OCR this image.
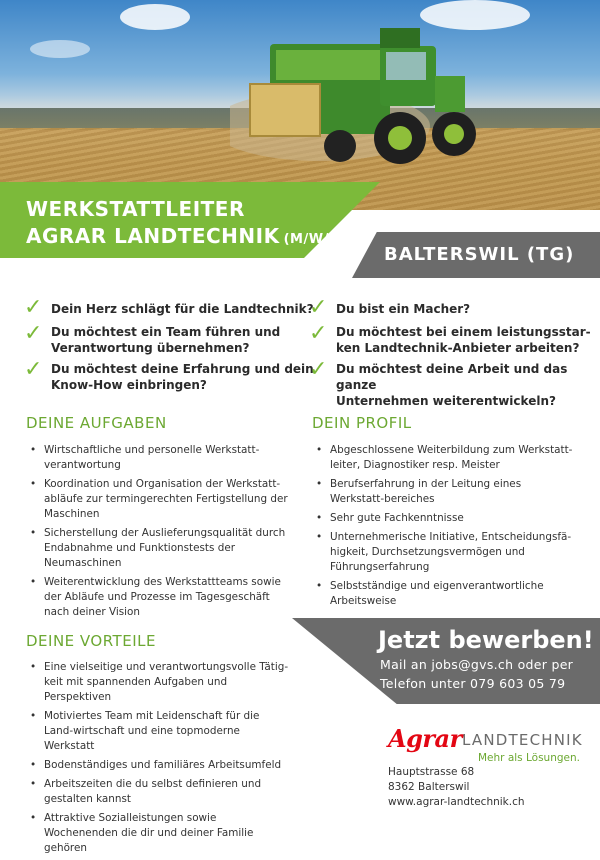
WERKSTATTLEITER
AGRAR LANDTECHNIK (M/W/D)
BALTERSWIL (TG)
✓ Dein Herz schlägt für die Landtechnik?
✓ Du möchtest ein Team führen und
Verantwortung übernehmen?
✓ Du möchtest deine Erfahrung und dein
Know-How einbringen?
✓ Du bist ein Macher?
✓ Du möchtest bei einem leistungsstar-
ken Landtechnik-Anbieter arbeiten?
✓ Du möchtest deine Arbeit und das ganze
Unternehmen weiterentwickeln?
DEINE AUFGABEN
• Wirtschaftliche und personelle Werkstatt-verantwortung
• Koordination und Organisation der Werkstatt-abläufe zur termingerechten Fertigstellung der Maschinen
• Sicherstellung der Auslieferungsqualität durch Endabnahme und Funktionstests der Neumaschinen
• Weiterentwicklung des Werkstattteams sowie der Abläufe und Prozesse im Tagesgeschäft nach deiner Vision
DEIN PROFIL
• Abgeschlossene Weiterbildung zum Werkstatt-leiter, Diagnostiker resp. Meister
• Berufserfahrung in der Leitung eines Werkstatt-bereiches
• Sehr gute Fachkenntnisse
• Unternehmerische Initiative, Entscheidungsfä-higkeit, Durchsetzungsvermögen und Führungserfahrung
• Selbstständige und eigenverantwortliche Arbeitsweise
DEINE VORTEILE
• Eine vielseitige und verantwortungsvolle Tätig-keit mit spannenden Aufgaben und Perspektiven
• Motiviertes Team mit Leidenschaft für die Land-wirtschaft und eine topmoderne Werkstatt
• Bodenständiges und familiäres Arbeitsumfeld
• Arbeitszeiten die du selbst definieren und gestalten kannst
• Attraktive Sozialleistungen sowie Wochenenden die dir und deiner Familie gehören
Jetzt bewerben!
Mail an jobs@gvs.ch oder per
Telefon unter 079 603 05 79
Agrar LANDTECHNIK
Mehr als Lösungen.
Hauptstrasse 68
8362 Balterswil
www.agrar-landtechnik.ch
